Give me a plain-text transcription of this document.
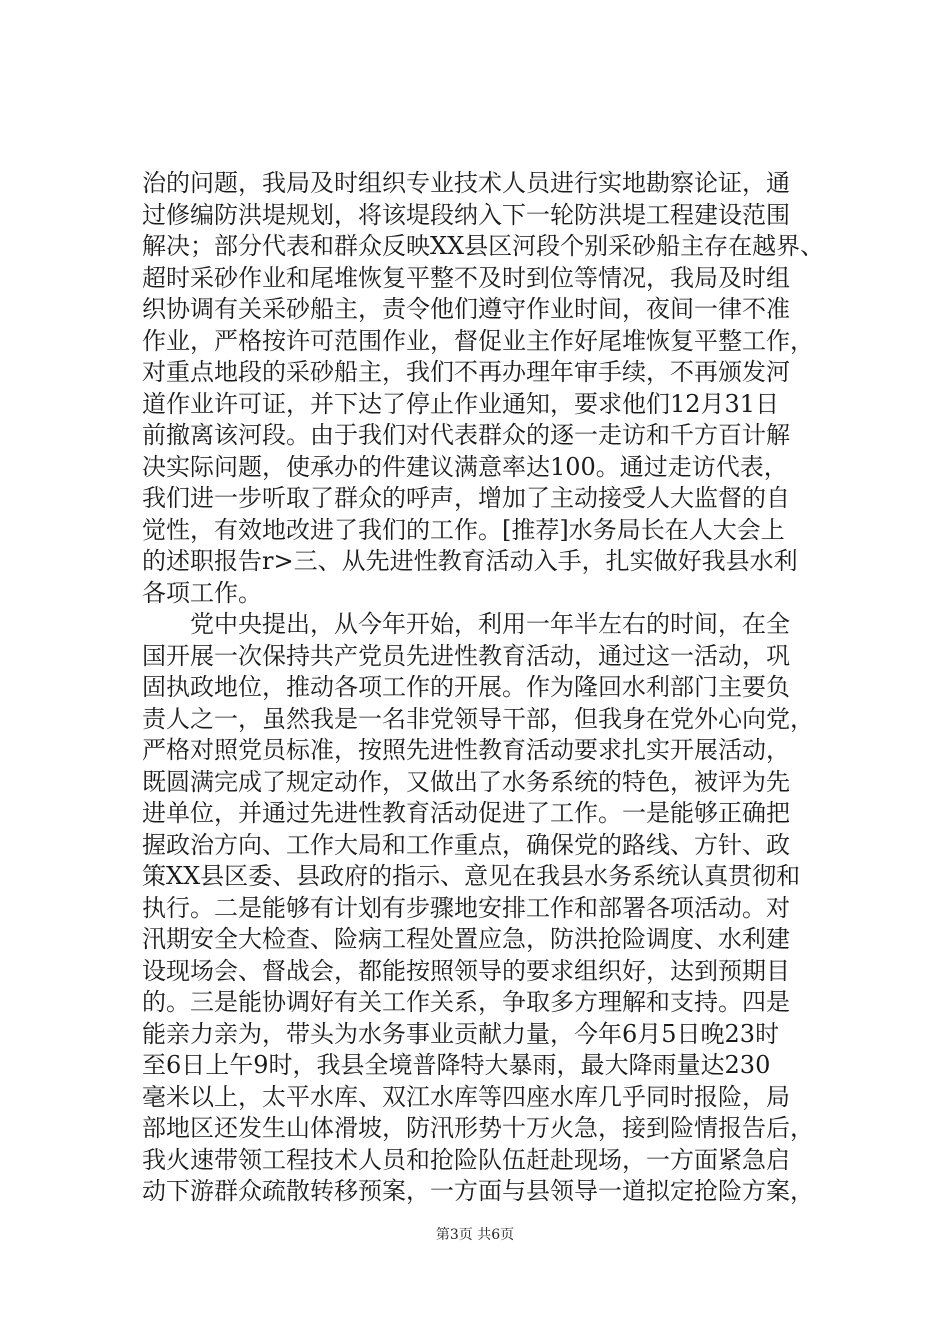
治的问题，我局及时组织专业技术人员进行实地勘察论证，通
过修编防洪堤规划，将该堤段纳入下一轮防洪堤工程建设范围
解决；部分代表和群众反映XX县区河段个别采砂船主存在越界、
超时采砂作业和尾堆恢复平整不及时到位等情况，我局及时组
织协调有关采砂船主，责令他们遵守作业时间，夜间一律不准
作业，严格按许可范围作业，督促业主作好尾堆恢复平整工作，
对重点地段的采砂船主，我们不再办理年审手续，不再颁发河
道作业许可证，并下达了停止作业通知，要求他们12月31日
前撤离该河段。由于我们对代表群众的逐一走访和千方百计解
决实际问题，使承办的件建议满意率达100。通过走访代表，
我们进一步听取了群众的呼声，增加了主动接受人大监督的自
觉性，有效地改进了我们的工作。[推荐]水务局长在人大会上
的述职报告r>三、从先进性教育活动入手，扎实做好我县水利
各项工作。
　　党中央提出，从今年开始，利用一年半左右的时间，在全
国开展一次保持共产党员先进性教育活动，通过这一活动，巩
固执政地位，推动各项工作的开展。作为隆回水利部门主要负
责人之一，虽然我是一名非党领导干部，但我身在党外心向党，
严格对照党员标准，按照先进性教育活动要求扎实开展活动，
既圆满完成了规定动作，又做出了水务系统的特色，被评为先
进单位，并通过先进性教育活动促进了工作。一是能够正确把
握政治方向、工作大局和工作重点，确保党的路线、方针、政
策XX县区委、县政府的指示、意见在我县水务系统认真贯彻和
执行。二是能够有计划有步骤地安排工作和部署各项活动。对
汛期安全大检查、险病工程处置应急，防洪抢险调度、水利建
设现场会、督战会，都能按照领导的要求组织好，达到预期目
的。三是能协调好有关工作关系，争取多方理解和支持。四是
能亲力亲为，带头为水务事业贡献力量，今年6月5日晚23时
至6日上午9时，我县全境普降特大暴雨，最大降雨量达230
毫米以上，太平水库、双江水库等四座水库几乎同时报险，局
部地区还发生山体滑坡，防汛形势十万火急，接到险情报告后，
我火速带领工程技术人员和抢险队伍赶赴现场，一方面紧急启
动下游群众疏散转移预案，一方面与县领导一道拟定抢险方案，
第3页 共6页
